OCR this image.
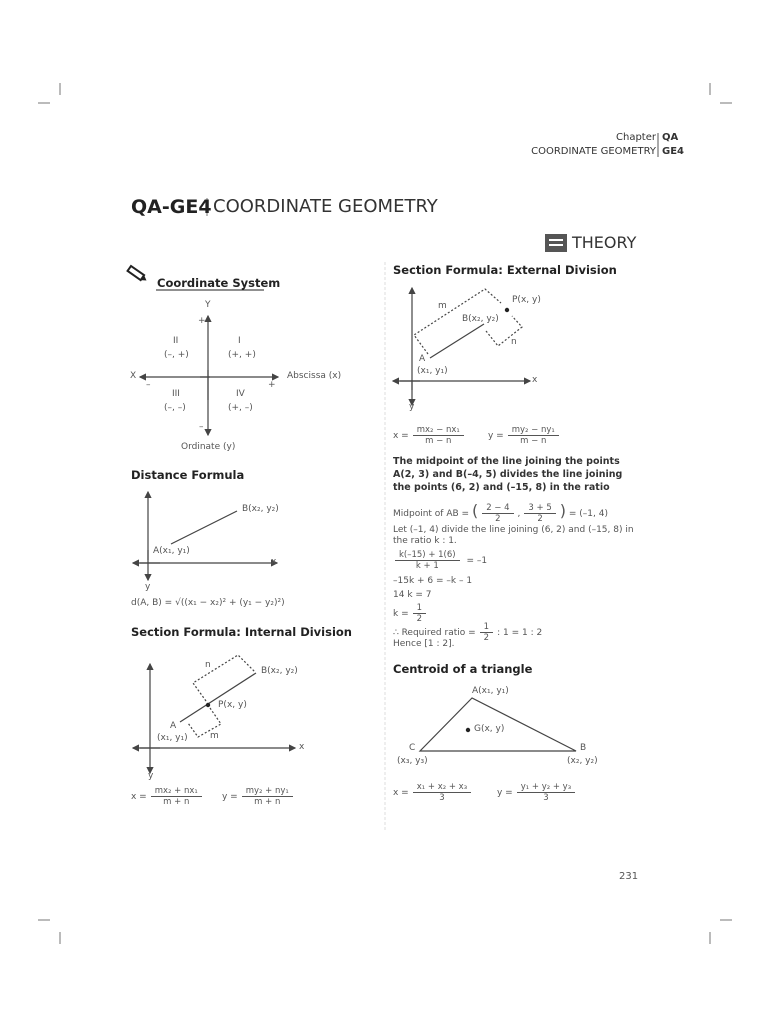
Chapter QA
COORDINATE GEOMETRY GE4
QA-GE4 COORDINATE GEOMETRY
THEORY
Coordinate System
Y
+
II
(–, +)
I
(+, +)
X	Abscissa (x)
–	+
III
(–, –)
IV
(+, –)
–
Ordinate (y)
Distance Formula
B(x₂, y₂)
A(x₁, y₁)
x
y
d(A, B) = √((x₁ − x₂)² + (y₁ − y₂)²)
Section Formula: Internal Division
B(x₂, y₂)
P(x, y)
A
(x₁, y₁)
n
m
x
y
$x = \frac{\text{mx₂ + nx₁}}{m + n}$ $y = \frac{\text{my₂ + ny₁}}{m + n}$
Section Formula: External Division
P(x, y)
B(x₂, y₂)
m
n
A
(x₁, y₁)
x
y
$x = \frac{\text{mx₂ − nx₁}}{m - n}$	$y = \frac{\text{my₂ − ny₁}}{m - n}$
The midpoint of the line joining the points A(2, 3) and B(–4, 5) divides the line joining the points (6, 2) and (–15, 8) in the ratio
Midpoint of AB = ( $\frac{2 - 4}{2}$ , $\frac{3 + 5}{2}$ ) = (–1, 4)
Let (–1, 4) divide the line joining (6, 2) and (–15, 8) in the ratio k : 1.
$\frac{k(-15) + 1(6)}{k + 1} = -1$
–15k + 6 = –k – 1
14 k = 7
$k = \frac{1}{2}$
∴ Required ratio = $\frac{1}{2}$ : 1 = 1 : 2
Hence [1 : 2].
Centroid of a triangle
A(x₁, y₁)
G(x, y)
C
(x₃, y₃)
B
(x₂, y₂)
$x = \frac{\text{x₁ + x₂ + x₃}}{3}$	$y = \frac{\text{y₁ + y₂ + y₃}}{3}$
231
